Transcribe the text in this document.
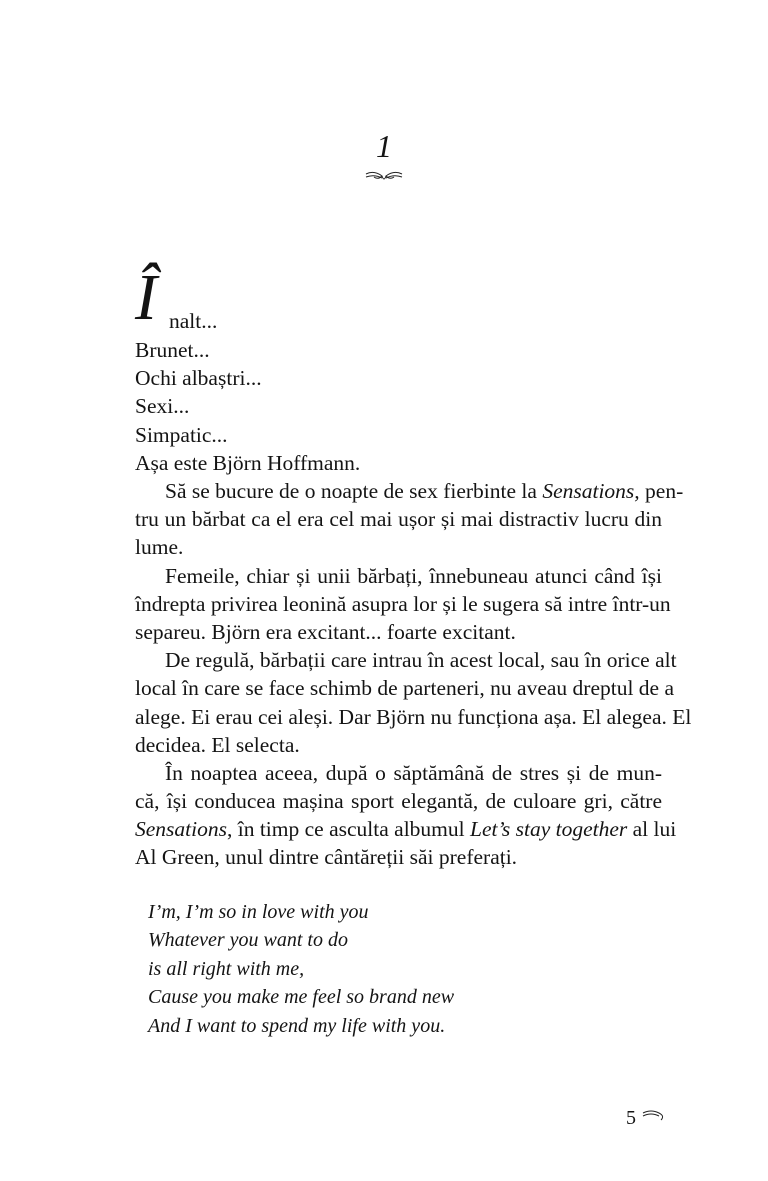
1
Î nalt...
Brunet...
Ochi albaștri...
Sexi...
Simpatic...
Așa este Björn Hoffmann.
Să se bucure de o noapte de sex fierbinte la Sensations, pen-
tru un bărbat ca el era cel mai ușor și mai distractiv lucru din
lume.
Femeile, chiar și unii bărbați, înnebuneau atunci când își
îndrepta privirea leonină asupra lor și le sugera să intre într-un
separeu. Björn era excitant... foarte excitant.
De regulă, bărbații care intrau în acest local, sau în orice alt
local în care se face schimb de parteneri, nu aveau dreptul de a
alege. Ei erau cei aleși. Dar Björn nu funcționa așa. El alegea. El
decidea. El selecta.
În noaptea aceea, după o săptămână de stres și de mun-
că, își conducea mașina sport elegantă, de culoare gri, către
Sensations, în timp ce asculta albumul Let’s stay together al lui
Al Green, unul dintre cântăreții săi preferați.
I’m, I’m so in love with you
Whatever you want to do
is all right with me,
Cause you make me feel so brand new
And I want to spend my life with you.
5
